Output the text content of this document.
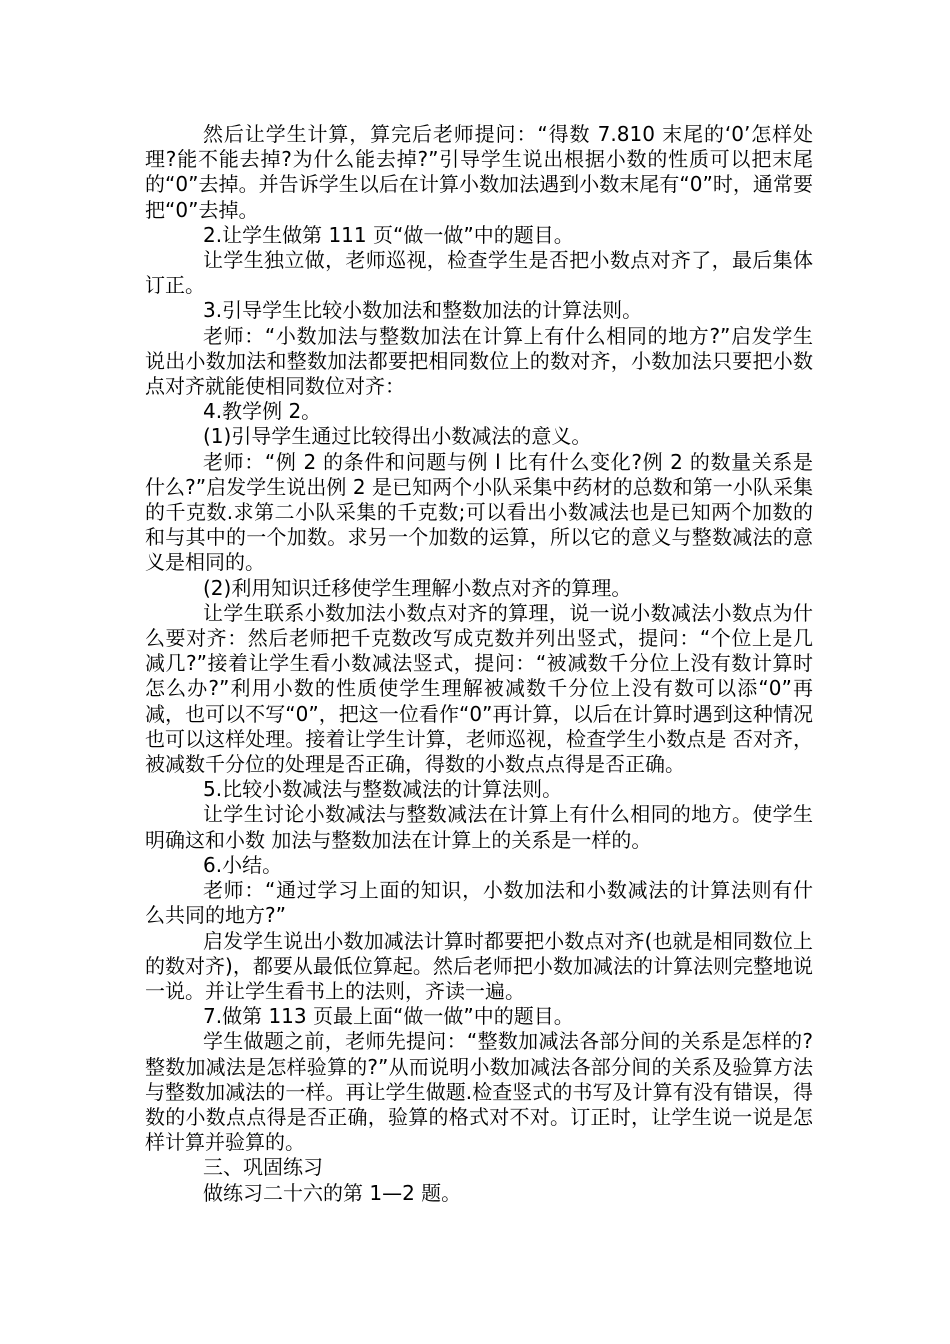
然后让学生计算，算完后老师提问：“得数 7.810 末尾的‘0’怎样处理?能不能去掉?为什么能去掉?”引导学生说出根据小数的性质可以把末尾的“0”去掉。并告诉学生以后在计算小数加法遇到小数末尾有“0”时，通常要把“0”去掉。

2.让学生做第 111 页“做一做”中的题目。

让学生独立做，老师巡视，检查学生是否把小数点对齐了，最后集体订正。

3.引导学生比较小数加法和整数加法的计算法则。

老师：“小数加法与整数加法在计算上有什么相同的地方?”启发学生说出小数加法和整数加法都要把相同数位上的数对齐，小数加法只要把小数点对齐就能使相同数位对齐：

4.教学例 2。

(1)引导学生通过比较得出小数减法的意义。

老师：“例 2 的条件和问题与例 l 比有什么变化?例 2 的数量关系是什么?”启发学生说出例 2 是已知两个小队采集中药材的总数和第一小队采集的千克数.求第二小队采集的千克数;可以看出小数减法也是已知两个加数的和与其中的一个加数。求另一个加数的运算，所以它的意义与整数减法的意义是相同的。

(2)利用知识迁移使学生理解小数点对齐的算理。

让学生联系小数加法小数点对齐的算理，说一说小数减法小数点为什么要对齐：然后老师把千克数改写成克数并列出竖式，提问：“个位上是几减几?”接着让学生看小数减法竖式，提问：“被减数千分位上没有数计算时怎么办?”利用小数的性质使学生理解被减数千分位上没有数可以添“0”再减，也可以不写“0”，把这一位看作“0”再计算，以后在计算时遇到这种情况也可以这样处理。接着让学生计算，老师巡视，检查学生小数点是 否对齐，被减数千分位的处理是否正确，得数的小数点点得是否正确。

5.比较小数减法与整数减法的计算法则。

让学生讨论小数减法与整数减法在计算上有什么相同的地方。使学生明确这和小数 加法与整数加法在计算上的关系是一样的。

6.小结。

老师：“通过学习上面的知识，小数加法和小数减法的计算法则有什么共同的地方?”

启发学生说出小数加减法计算时都要把小数点对齐(也就是相同数位上的数对齐)，都要从最低位算起。然后老师把小数加减法的计算法则完整地说一说。并让学生看书上的法则，齐读一遍。

7.做第 113 页最上面“做一做”中的题目。

学生做题之前，老师先提问：“整数加减法各部分间的关系是怎样的?整数加减法是怎样验算的?”从而说明小数加减法各部分间的关系及验算方法与整数加减法的一样。再让学生做题.检查竖式的书写及计算有没有错误，得数的小数点点得是否正确，验算的格式对不对。订正时，让学生说一说是怎样计算并验算的。

三、巩固练习

做练习二十六的第 1—2 题。
